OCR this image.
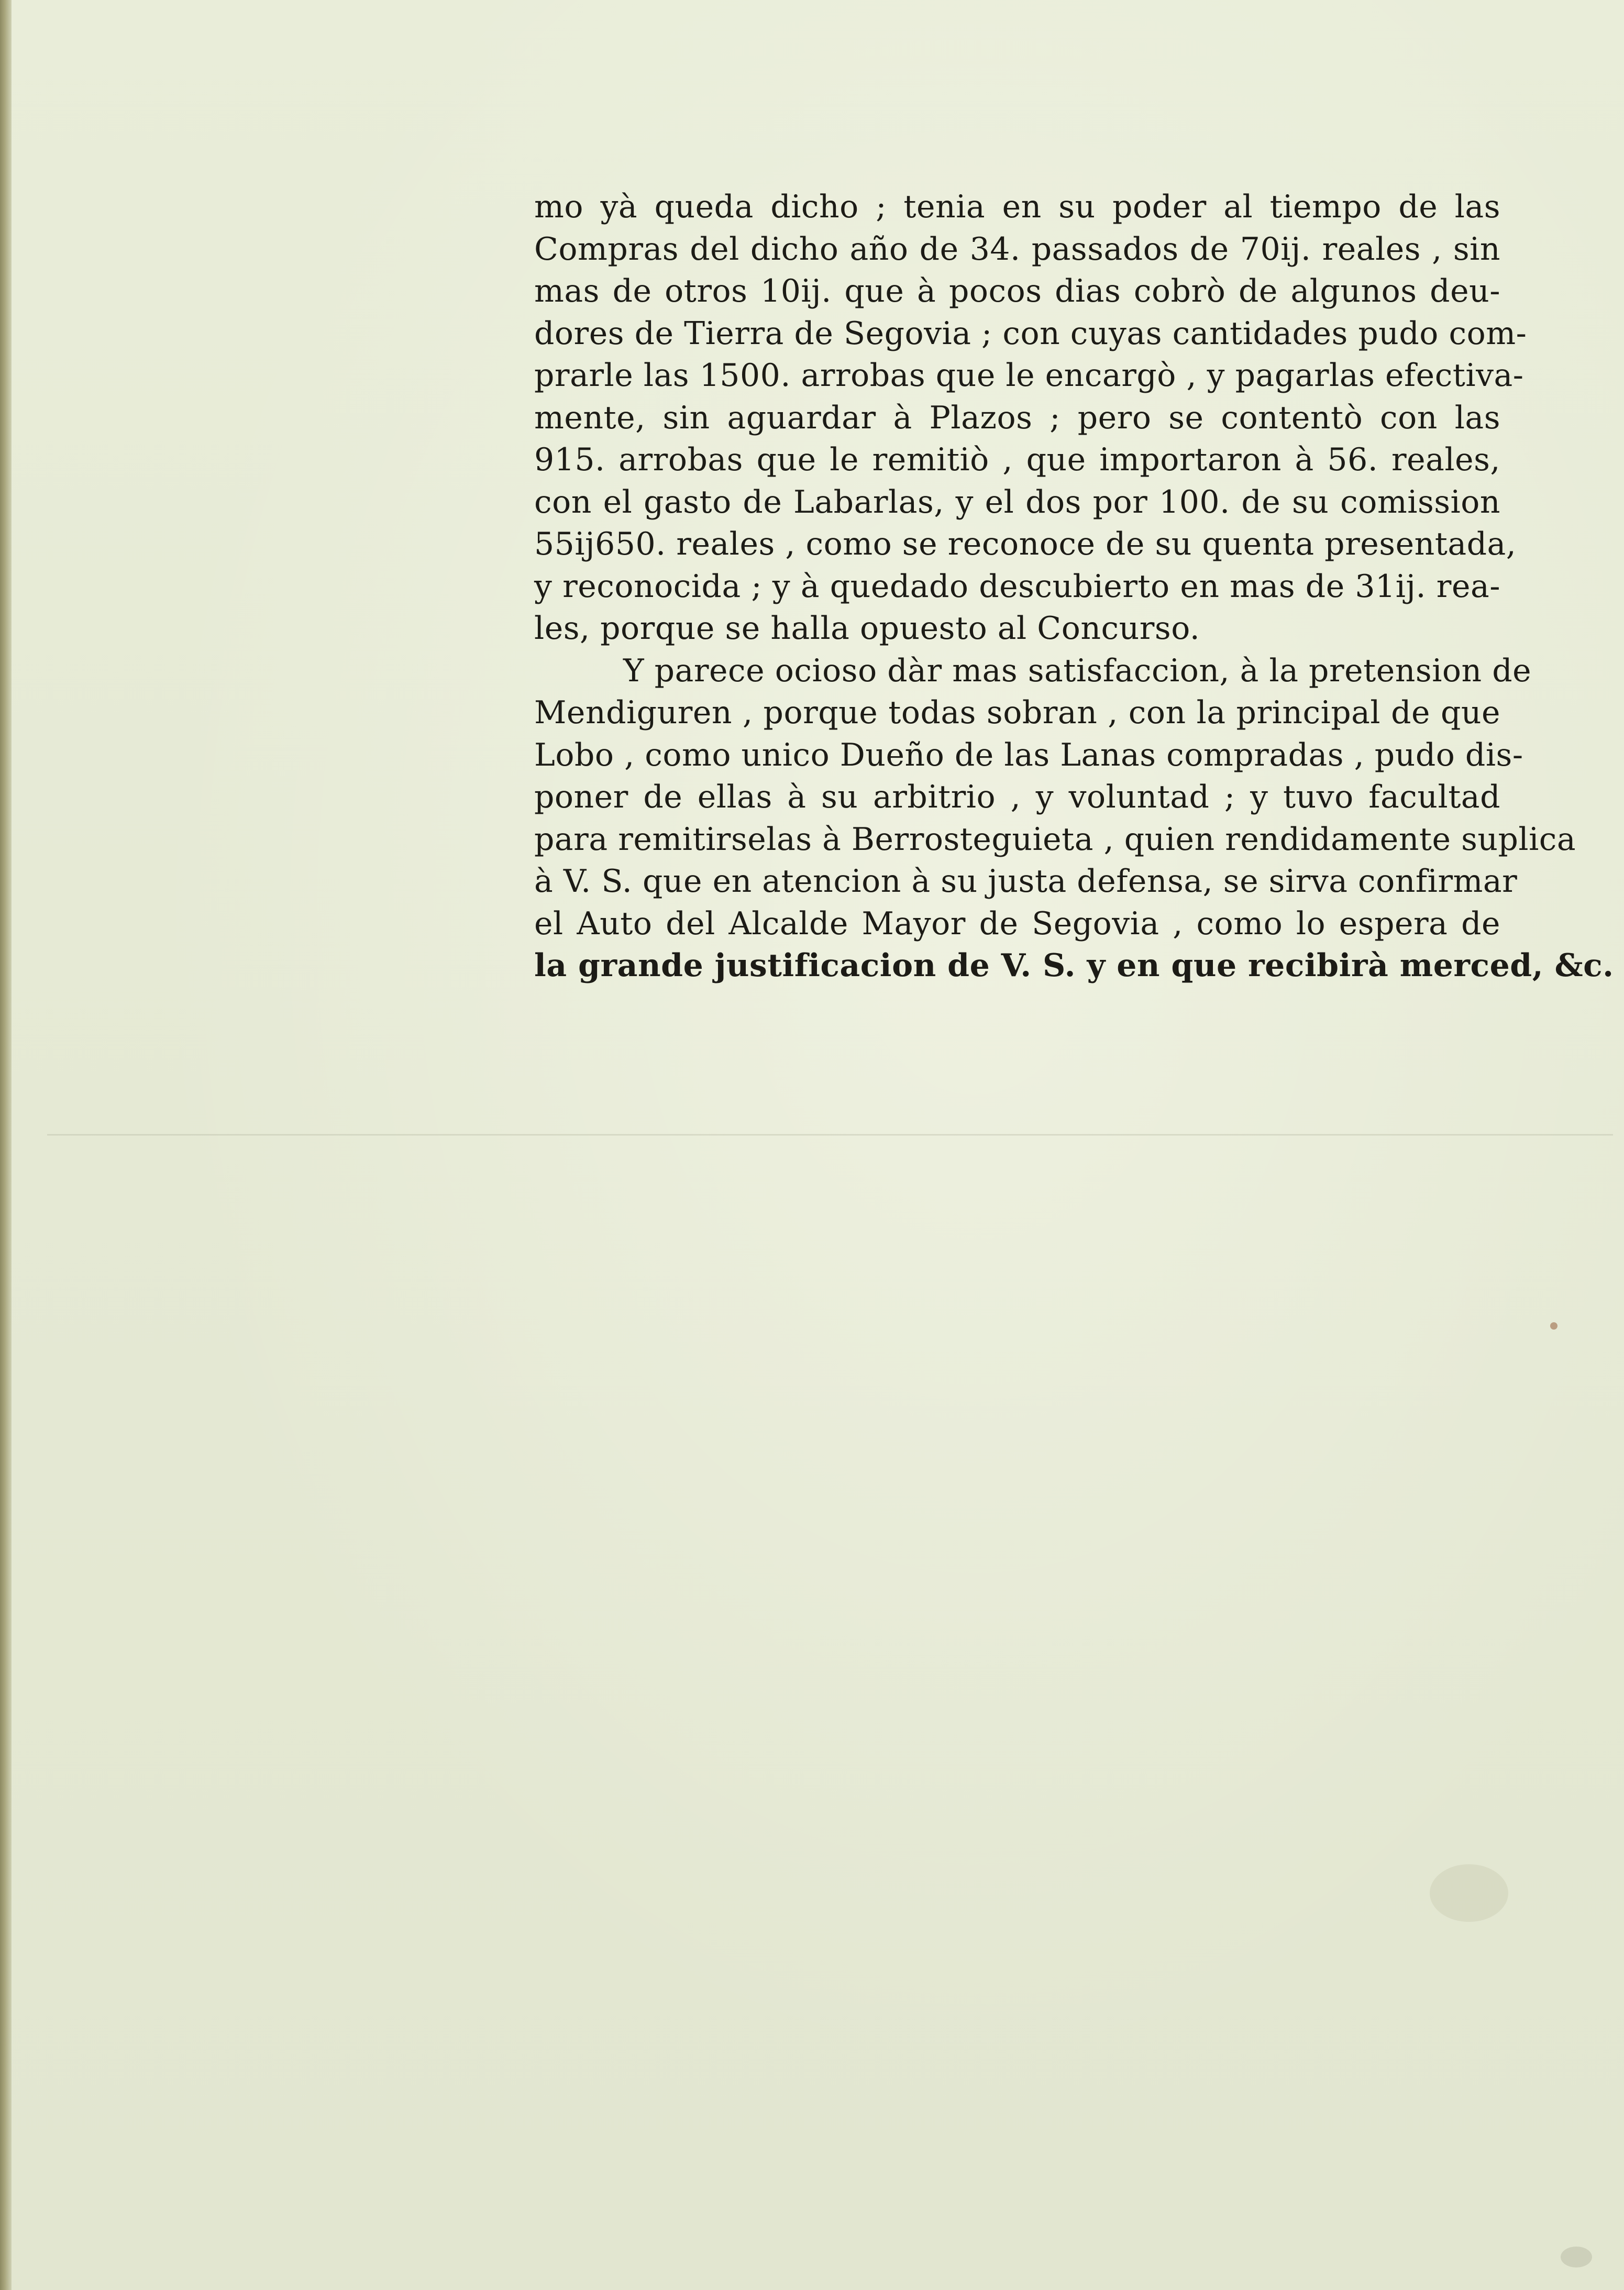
mo yà queda dicho ; tenia en su poder al tiempo de las
Compras del dicho año de 34. passados de 70ij. reales , sin
mas de otros 10ij. que à pocos dias cobrò de algunos deu-
dores de Tierra de Segovia ; con cuyas cantidades pudo com-
prarle las 1500. arrobas que le encargò , y pagarlas efectiva-
mente, sin aguardar à Plazos ; pero se contentò con las
915. arrobas que le remitiò , que importaron à 56. reales,
con el gasto de Labarlas, y el dos por 100. de su comission
55ij650. reales , como se reconoce de su quenta presentada,
y reconocida ; y à quedado descubierto en mas de 31ij. rea-
les, porque se halla opuesto al Concurso.
Y parece ocioso dàr mas satisfaccion, à la pretension de
Mendiguren , porque todas sobran , con la principal de que
Lobo , como unico Dueño de las Lanas compradas , pudo dis-
poner de ellas à su arbitrio , y voluntad ; y tuvo facultad
para remitirselas à Berrosteguieta , quien rendidamente suplica
à V. S. que en atencion à su justa defensa, se sirva confirmar
el Auto del Alcalde Mayor de Segovia , como lo espera de
la grande justificacion de V. S. y en que recibirà merced, &c.
